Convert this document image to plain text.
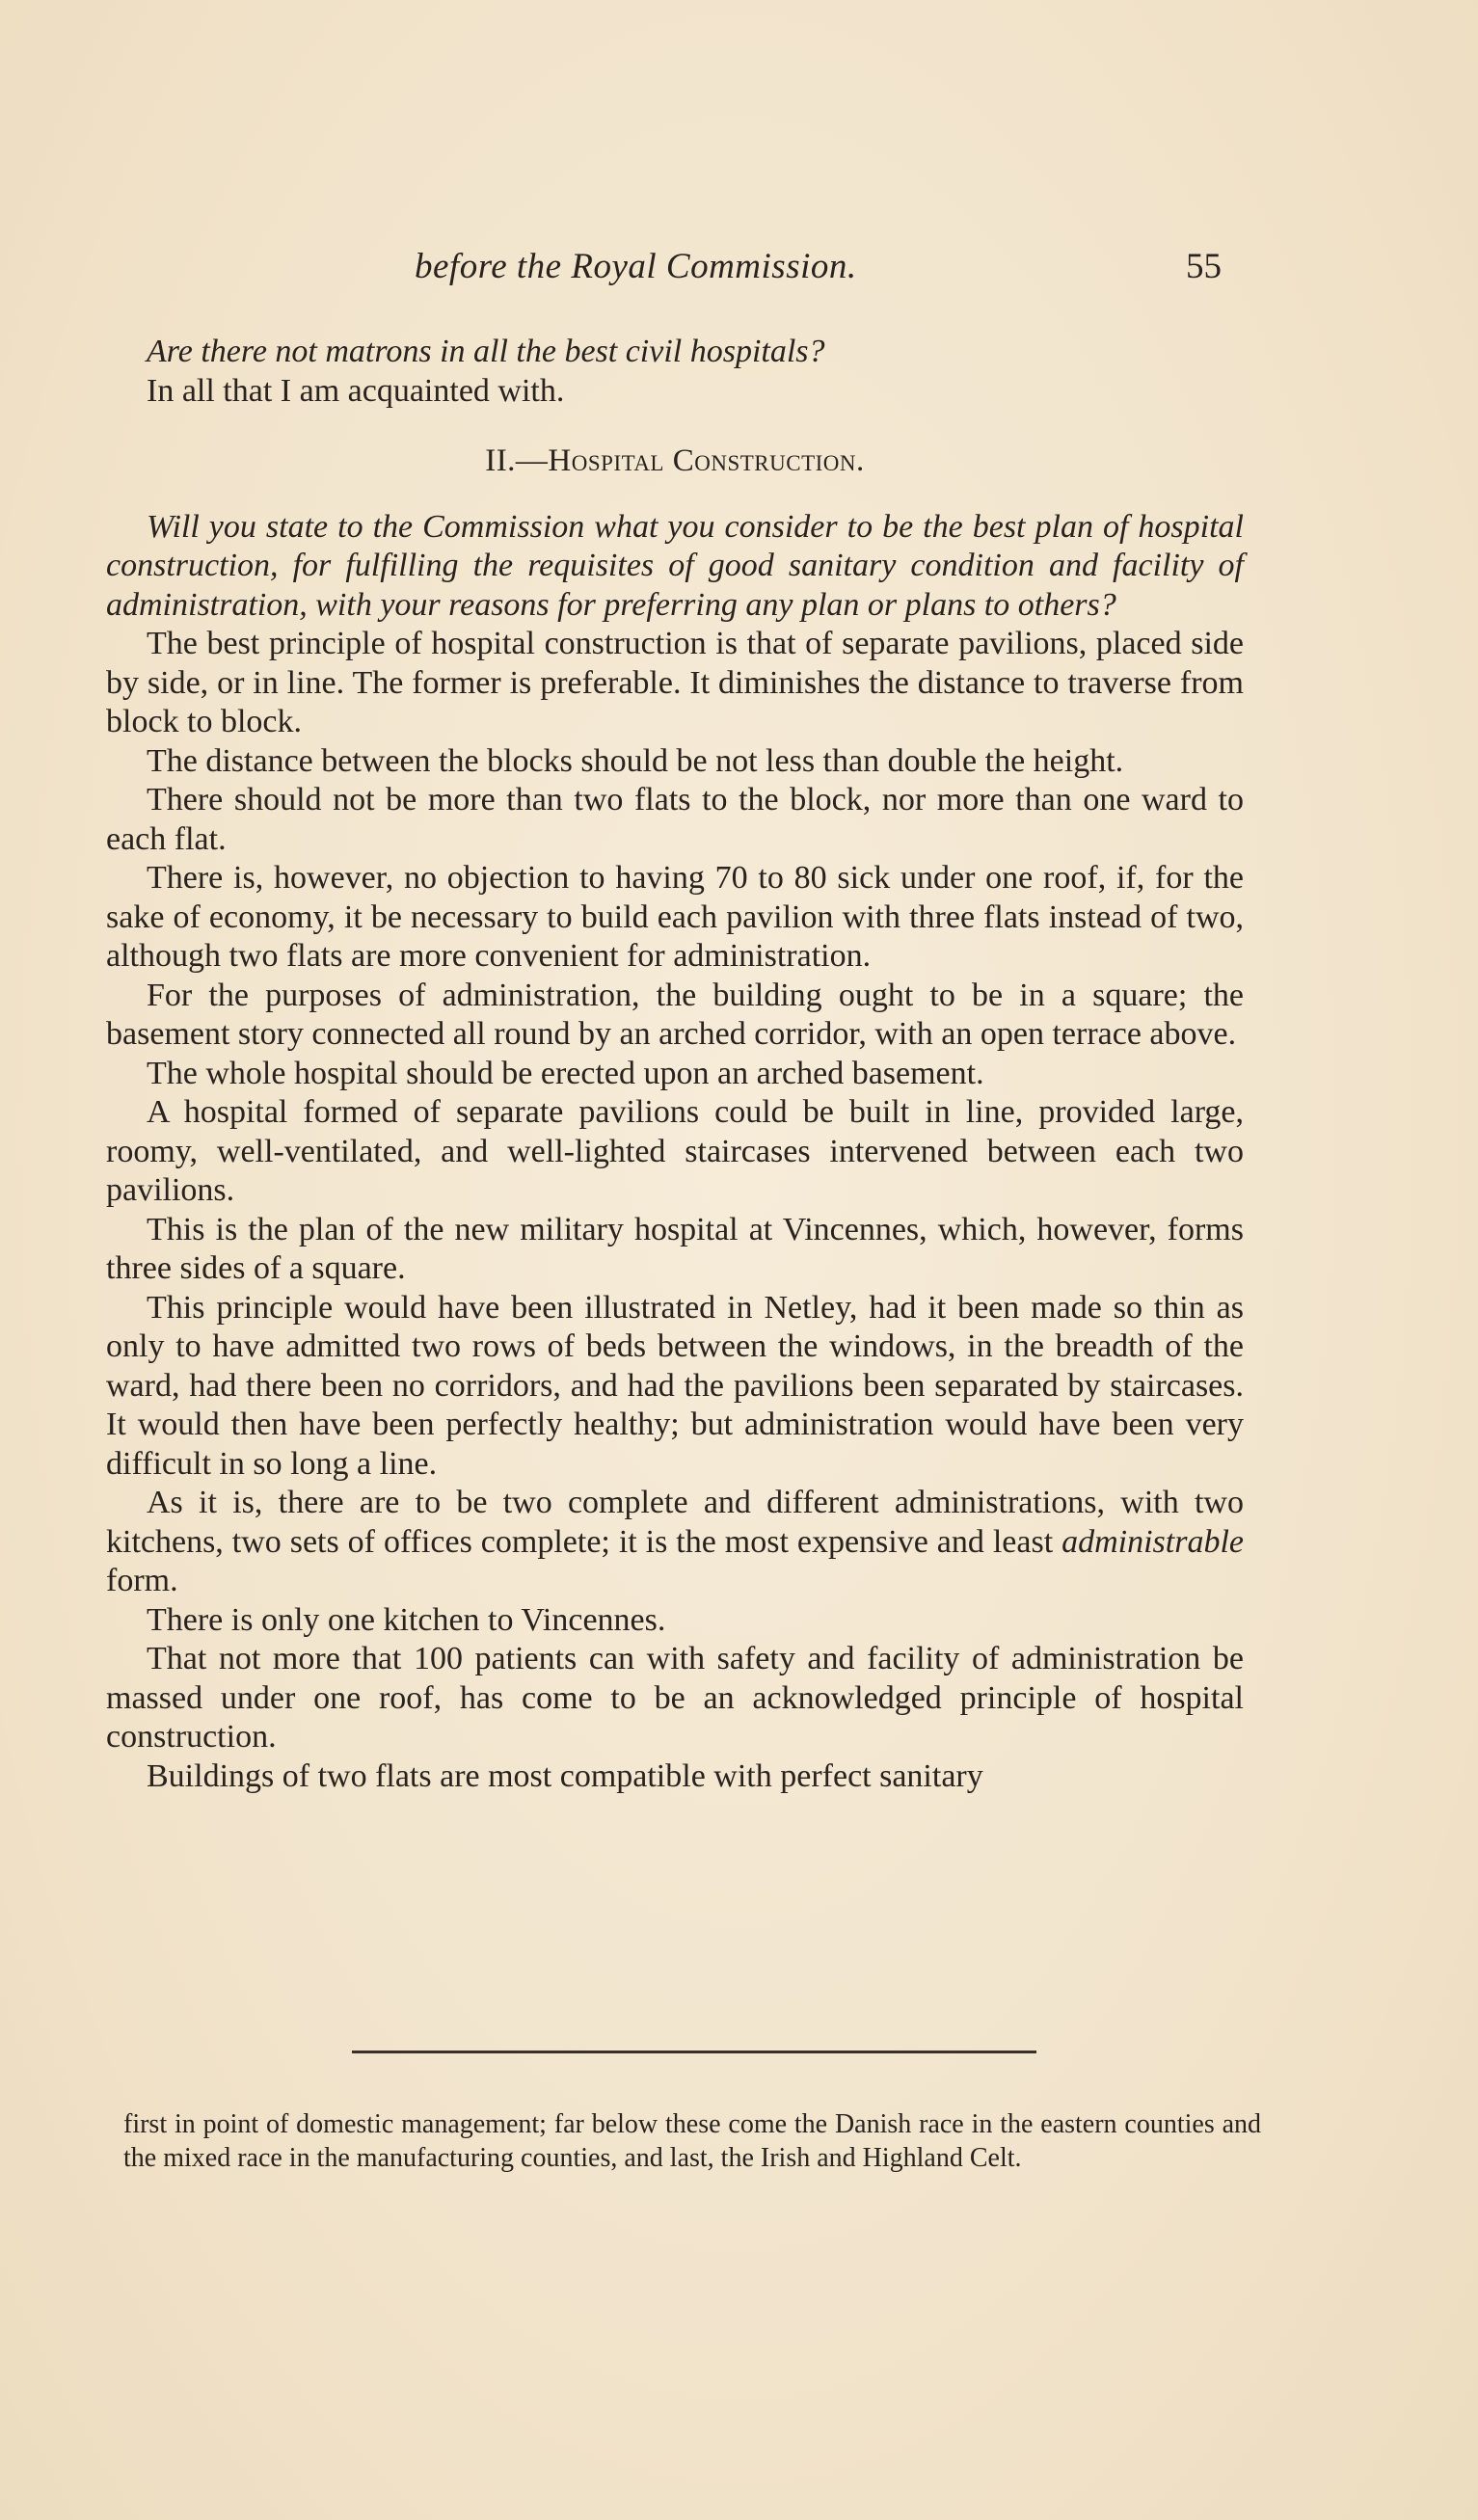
before the Royal Commission.	55

Are there not matrons in all the best civil hospitals?

In all that I am acquainted with.

II.—Hospital Construction.

Will you state to the Commission what you consider to be the best plan of hospital construction, for fulfilling the requisites of good sanitary condition and facility of administration, with your reasons for preferring any plan or plans to others?

The best principle of hospital construction is that of separate pavilions, placed side by side, or in line. The former is preferable. It diminishes the distance to traverse from block to block.

The distance between the blocks should be not less than double the height.

There should not be more than two flats to the block, nor more than one ward to each flat.

There is, however, no objection to having 70 to 80 sick under one roof, if, for the sake of economy, it be necessary to build each pavilion with three flats instead of two, although two flats are more convenient for administration.

For the purposes of administration, the building ought to be in a square; the basement story connected all round by an arched corridor, with an open terrace above.

The whole hospital should be erected upon an arched basement.

A hospital formed of separate pavilions could be built in line, provided large, roomy, well-ventilated, and well-lighted staircases intervened between each two pavilions.

This is the plan of the new military hospital at Vincennes, which, however, forms three sides of a square.

This principle would have been illustrated in Netley, had it been made so thin as only to have admitted two rows of beds between the windows, in the breadth of the ward, had there been no corridors, and had the pavilions been separated by staircases. It would then have been perfectly healthy; but administration would have been very difficult in so long a line.

As it is, there are to be two complete and different administrations, with two kitchens, two sets of offices complete; it is the most expensive and least administrable form.

There is only one kitchen to Vincennes.

That not more that 100 patients can with safety and facility of administration be massed under one roof, has come to be an acknowledged principle of hospital construction.

Buildings of two flats are most compatible with perfect sanitary

first in point of domestic management; far below these come the Danish race in the eastern counties and the mixed race in the manufacturing counties, and last, the Irish and Highland Celt.
